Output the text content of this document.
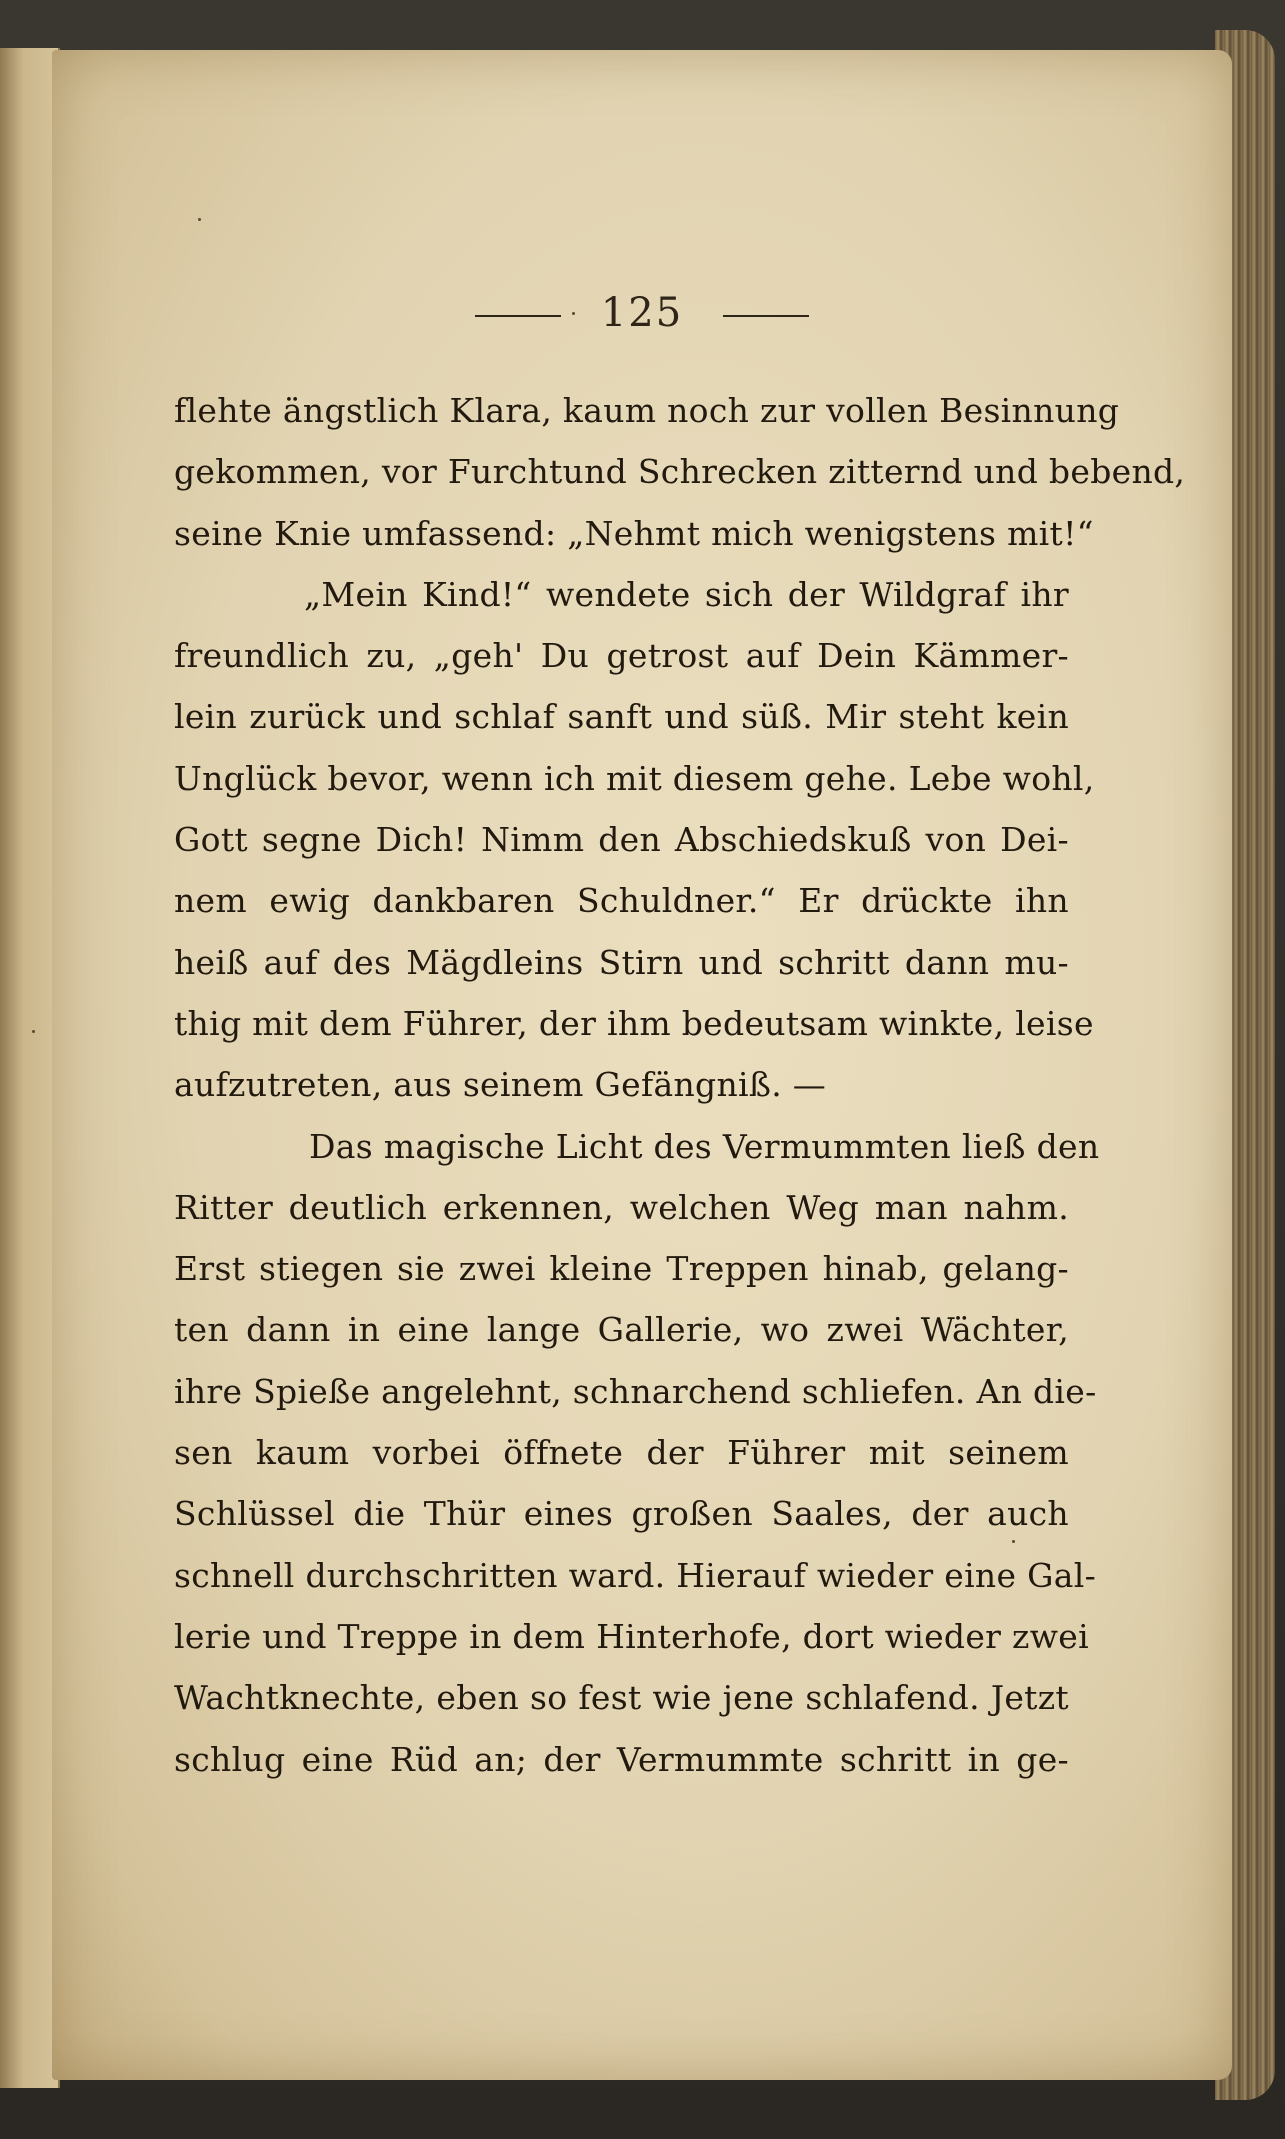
125
flehte ängstlich Klara, kaum noch zur vollen Besinnung
gekommen, vor Furchtund Schrecken zitternd und bebend,
seine Knie umfassend: „Nehmt mich wenigstens mit!“
„Mein Kind!“ wendete sich der Wildgraf ihr
freundlich zu, „geh' Du getrost auf Dein Kämmer-
lein zurück und schlaf sanft und süß. Mir steht kein
Unglück bevor, wenn ich mit diesem gehe. Lebe wohl,
Gott segne Dich! Nimm den Abschiedskuß von Dei-
nem ewig dankbaren Schuldner.“ Er drückte ihn
heiß auf des Mägdleins Stirn und schritt dann mu-
thig mit dem Führer, der ihm bedeutsam winkte, leise
aufzutreten, aus seinem Gefängniß. —
Das magische Licht des Vermummten ließ den
Ritter deutlich erkennen, welchen Weg man nahm.
Erst stiegen sie zwei kleine Treppen hinab, gelang-
ten dann in eine lange Gallerie, wo zwei Wächter,
ihre Spieße angelehnt, schnarchend schliefen. An die-
sen kaum vorbei öffnete der Führer mit seinem
Schlüssel die Thür eines großen Saales, der auch
schnell durchschritten ward. Hierauf wieder eine Gal-
lerie und Treppe in dem Hinterhofe, dort wieder zwei
Wachtknechte, eben so fest wie jene schlafend. Jetzt
schlug eine Rüd an; der Vermummte schritt in ge-
